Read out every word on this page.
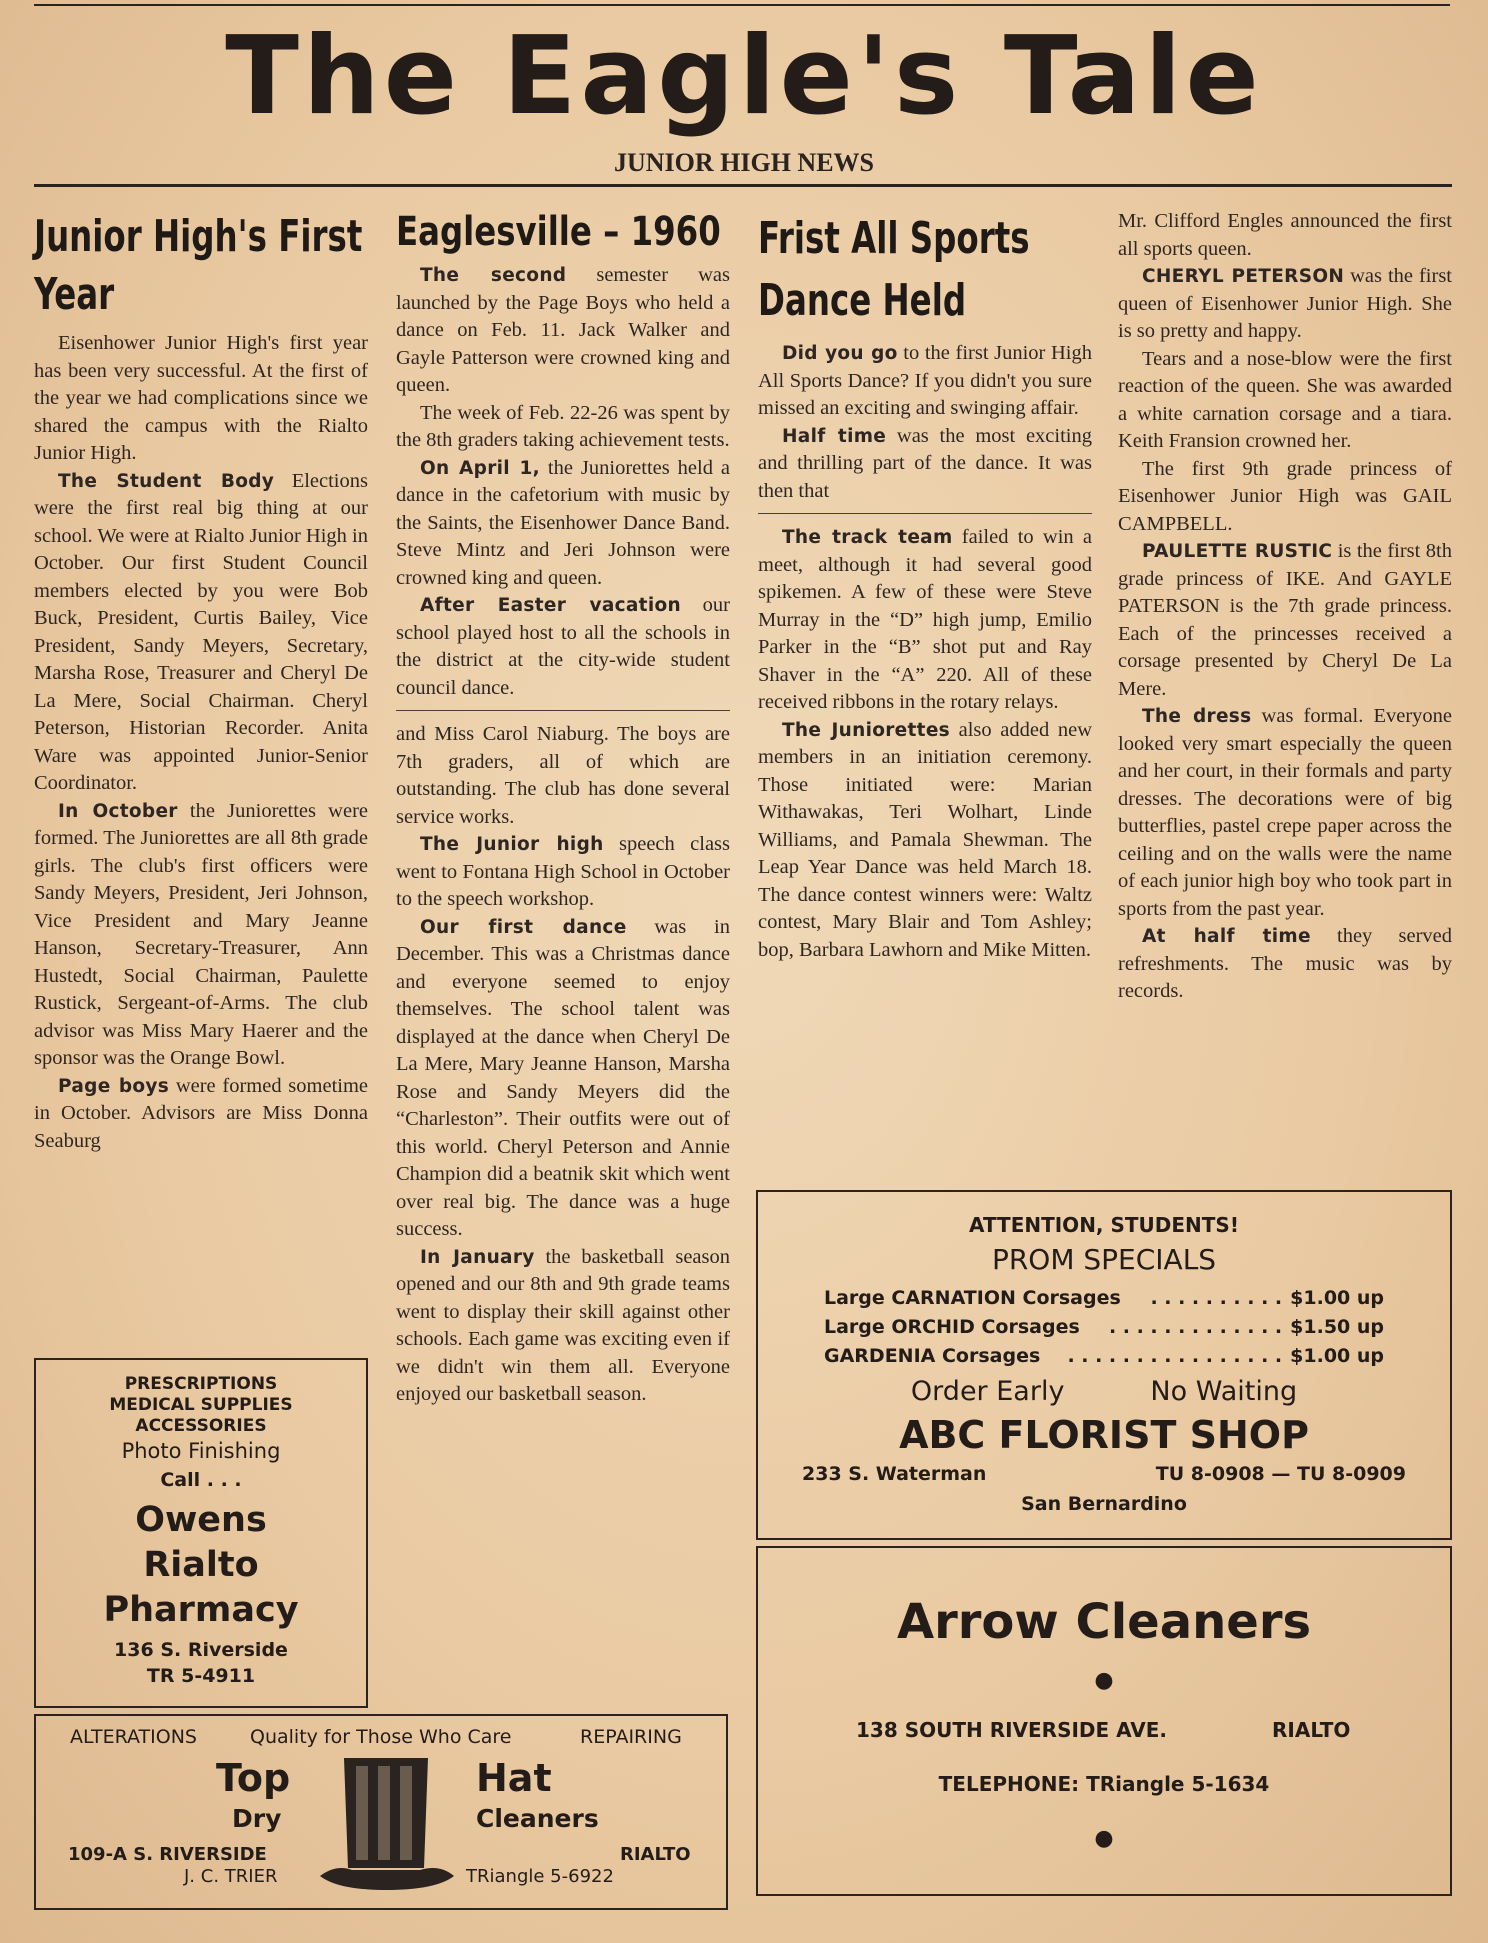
The Eagle's Tale
JUNIOR HIGH NEWS
Junior High's First Year

Eisenhower Junior High's first year has been very successful. At the first of the year we had complications since we shared the campus with the Rialto Junior High.

The Student Body Elections were the first real big thing at our school. We were at Rialto Junior High in October. Our first Student Council members elected by you were Bob Buck, President, Curtis Bailey, Vice President, Sandy Meyers, Secretary, Marsha Rose, Treasurer and Cheryl De La Mere, Social Chairman. Cheryl Peterson, Historian Recorder. Anita Ware was appointed Junior-Senior Coordinator.

In October the Juniorettes were formed. The Juniorettes are all 8th grade girls. The club's first officers were Sandy Meyers, President, Jeri Johnson, Vice President and Mary Jeanne Hanson, Secretary-Treasurer, Ann Hustedt, Social Chairman, Paulette Rustick, Sergeant-of-Arms. The club advisor was Miss Mary Haerer and the sponsor was the Orange Bowl.

Page boys were formed sometime in October. Advisors are Miss Donna Seaburg

Eaglesville – 1960

The second semester was launched by the Page Boys who held a dance on Feb. 11. Jack Walker and Gayle Patterson were crowned king and queen.

The week of Feb. 22-26 was spent by the 8th graders taking achievement tests.

On April 1, the Juniorettes held a dance in the cafetorium with music by the Saints, the Eisenhower Dance Band. Steve Mintz and Jeri Johnson were crowned king and queen.

After Easter vacation our school played host to all the schools in the district at the city-wide student council dance.

and Miss Carol Niaburg. The boys are 7th graders, all of which are outstanding. The club has done several service works.

The Junior high speech class went to Fontana High School in October to the speech workshop.

Our first dance was in December. This was a Christmas dance and everyone seemed to enjoy themselves. The school talent was displayed at the dance when Cheryl De La Mere, Mary Jeanne Hanson, Marsha Rose and Sandy Meyers did the “Charleston”. Their outfits were out of this world. Cheryl Peterson and Annie Champion did a beatnik skit which went over real big. The dance was a huge success.

In January the basketball season opened and our 8th and 9th grade teams went to display their skill against other schools. Each game was exciting even if we didn't win them all. Everyone enjoyed our basketball season.

Frist All Sports Dance Held

Did you go to the first Junior High All Sports Dance? If you didn't you sure missed an exciting and swinging affair.

Half time was the most exciting and thrilling part of the dance. It was then that

The track team failed to win a meet, although it had several good spikemen. A few of these were Steve Murray in the “D” high jump, Emilio Parker in the “B” shot put and Ray Shaver in the “A” 220. All of these received ribbons in the rotary relays.

The Juniorettes also added new members in an initiation ceremony. Those initiated were: Marian Withawakas, Teri Wolhart, Linde Williams, and Pamala Shewman. The Leap Year Dance was held March 18. The dance contest winners were: Waltz contest, Mary Blair and Tom Ashley; bop, Barbara Lawhorn and Mike Mitten.

Mr. Clifford Engles announced the first all sports queen.

CHERYL PETERSON was the first queen of Eisenhower Junior High. She is so pretty and happy.

Tears and a nose-blow were the first reaction of the queen. She was awarded a white carnation corsage and a tiara. Keith Fransion crowned her.

The first 9th grade princess of Eisenhower Junior High was GAIL CAMPBELL.

PAULETTE RUSTIC is the first 8th grade princess of IKE. And GAYLE PATERSON is the 7th grade princess. Each of the princesses received a corsage presented by Cheryl De La Mere.

The dress was formal. Everyone looked very smart especially the queen and her court, in their formals and party dresses. The decorations were of big butterflies, pastel crepe paper across the ceiling and on the walls were the name of each junior high boy who took part in sports from the past year.

At half time they served refreshments. The music was by records.

PRESCRIPTIONS
MEDICAL SUPPLIES
ACCESSORIES
Photo Finishing
Call . . .
Owens
Rialto
Pharmacy
136 S. Riverside
TR 5-4911
ALTERATIONS	Quality for Those Who Care	REPAIRING
Top
Dry
Hat
Cleaners
109-A S. RIVERSIDE
J. C. TRIER
RIALTO
TRiangle 5-6922
ATTENTION, STUDENTS!
PROM SPECIALS
Large CARNATION Corsages	. . . . . . . . . . $1.00 up
Large ORCHID Corsages	. . . . . . . . . . . . . $1.50 up
GARDENIA Corsages	. . . . . . . . . . . . . . . . $1.00 up
Order Early	No Waiting
ABC FLORIST SHOP
233 S. Waterman	TU 8-0908 — TU 8-0909
San Bernardino
Arrow Cleaners
●
138 SOUTH RIVERSIDE AVE.	RIALTO
TELEPHONE: TRiangle 5-1634
●
